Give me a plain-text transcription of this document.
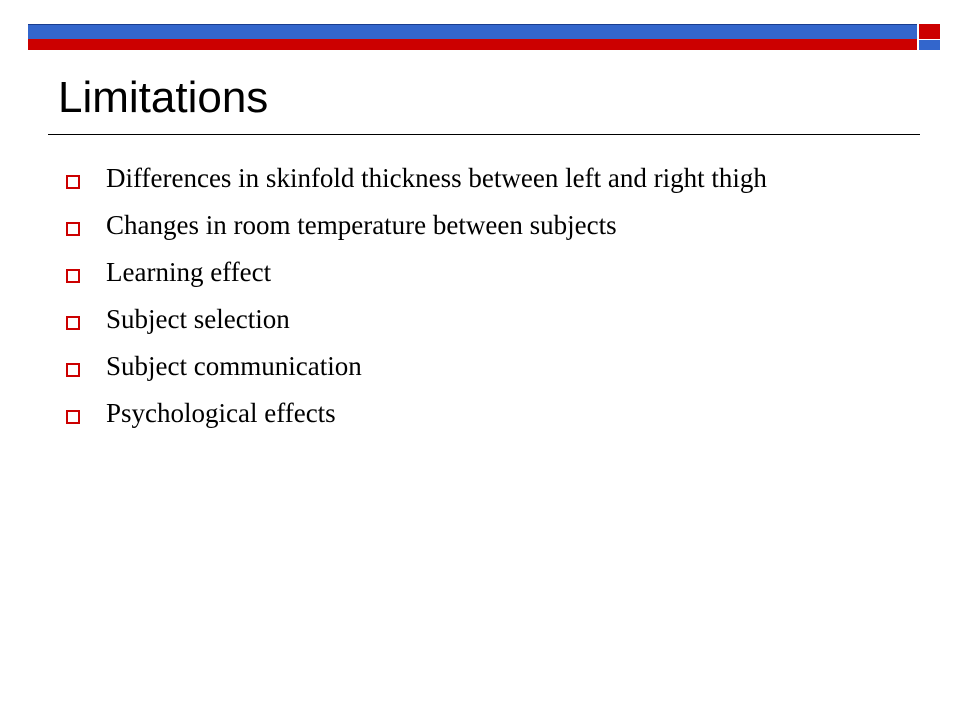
Limitations
Differences in skinfold thickness between left and right thigh
Changes in room temperature between subjects
Learning effect
Subject selection
Subject communication
Psychological effects
